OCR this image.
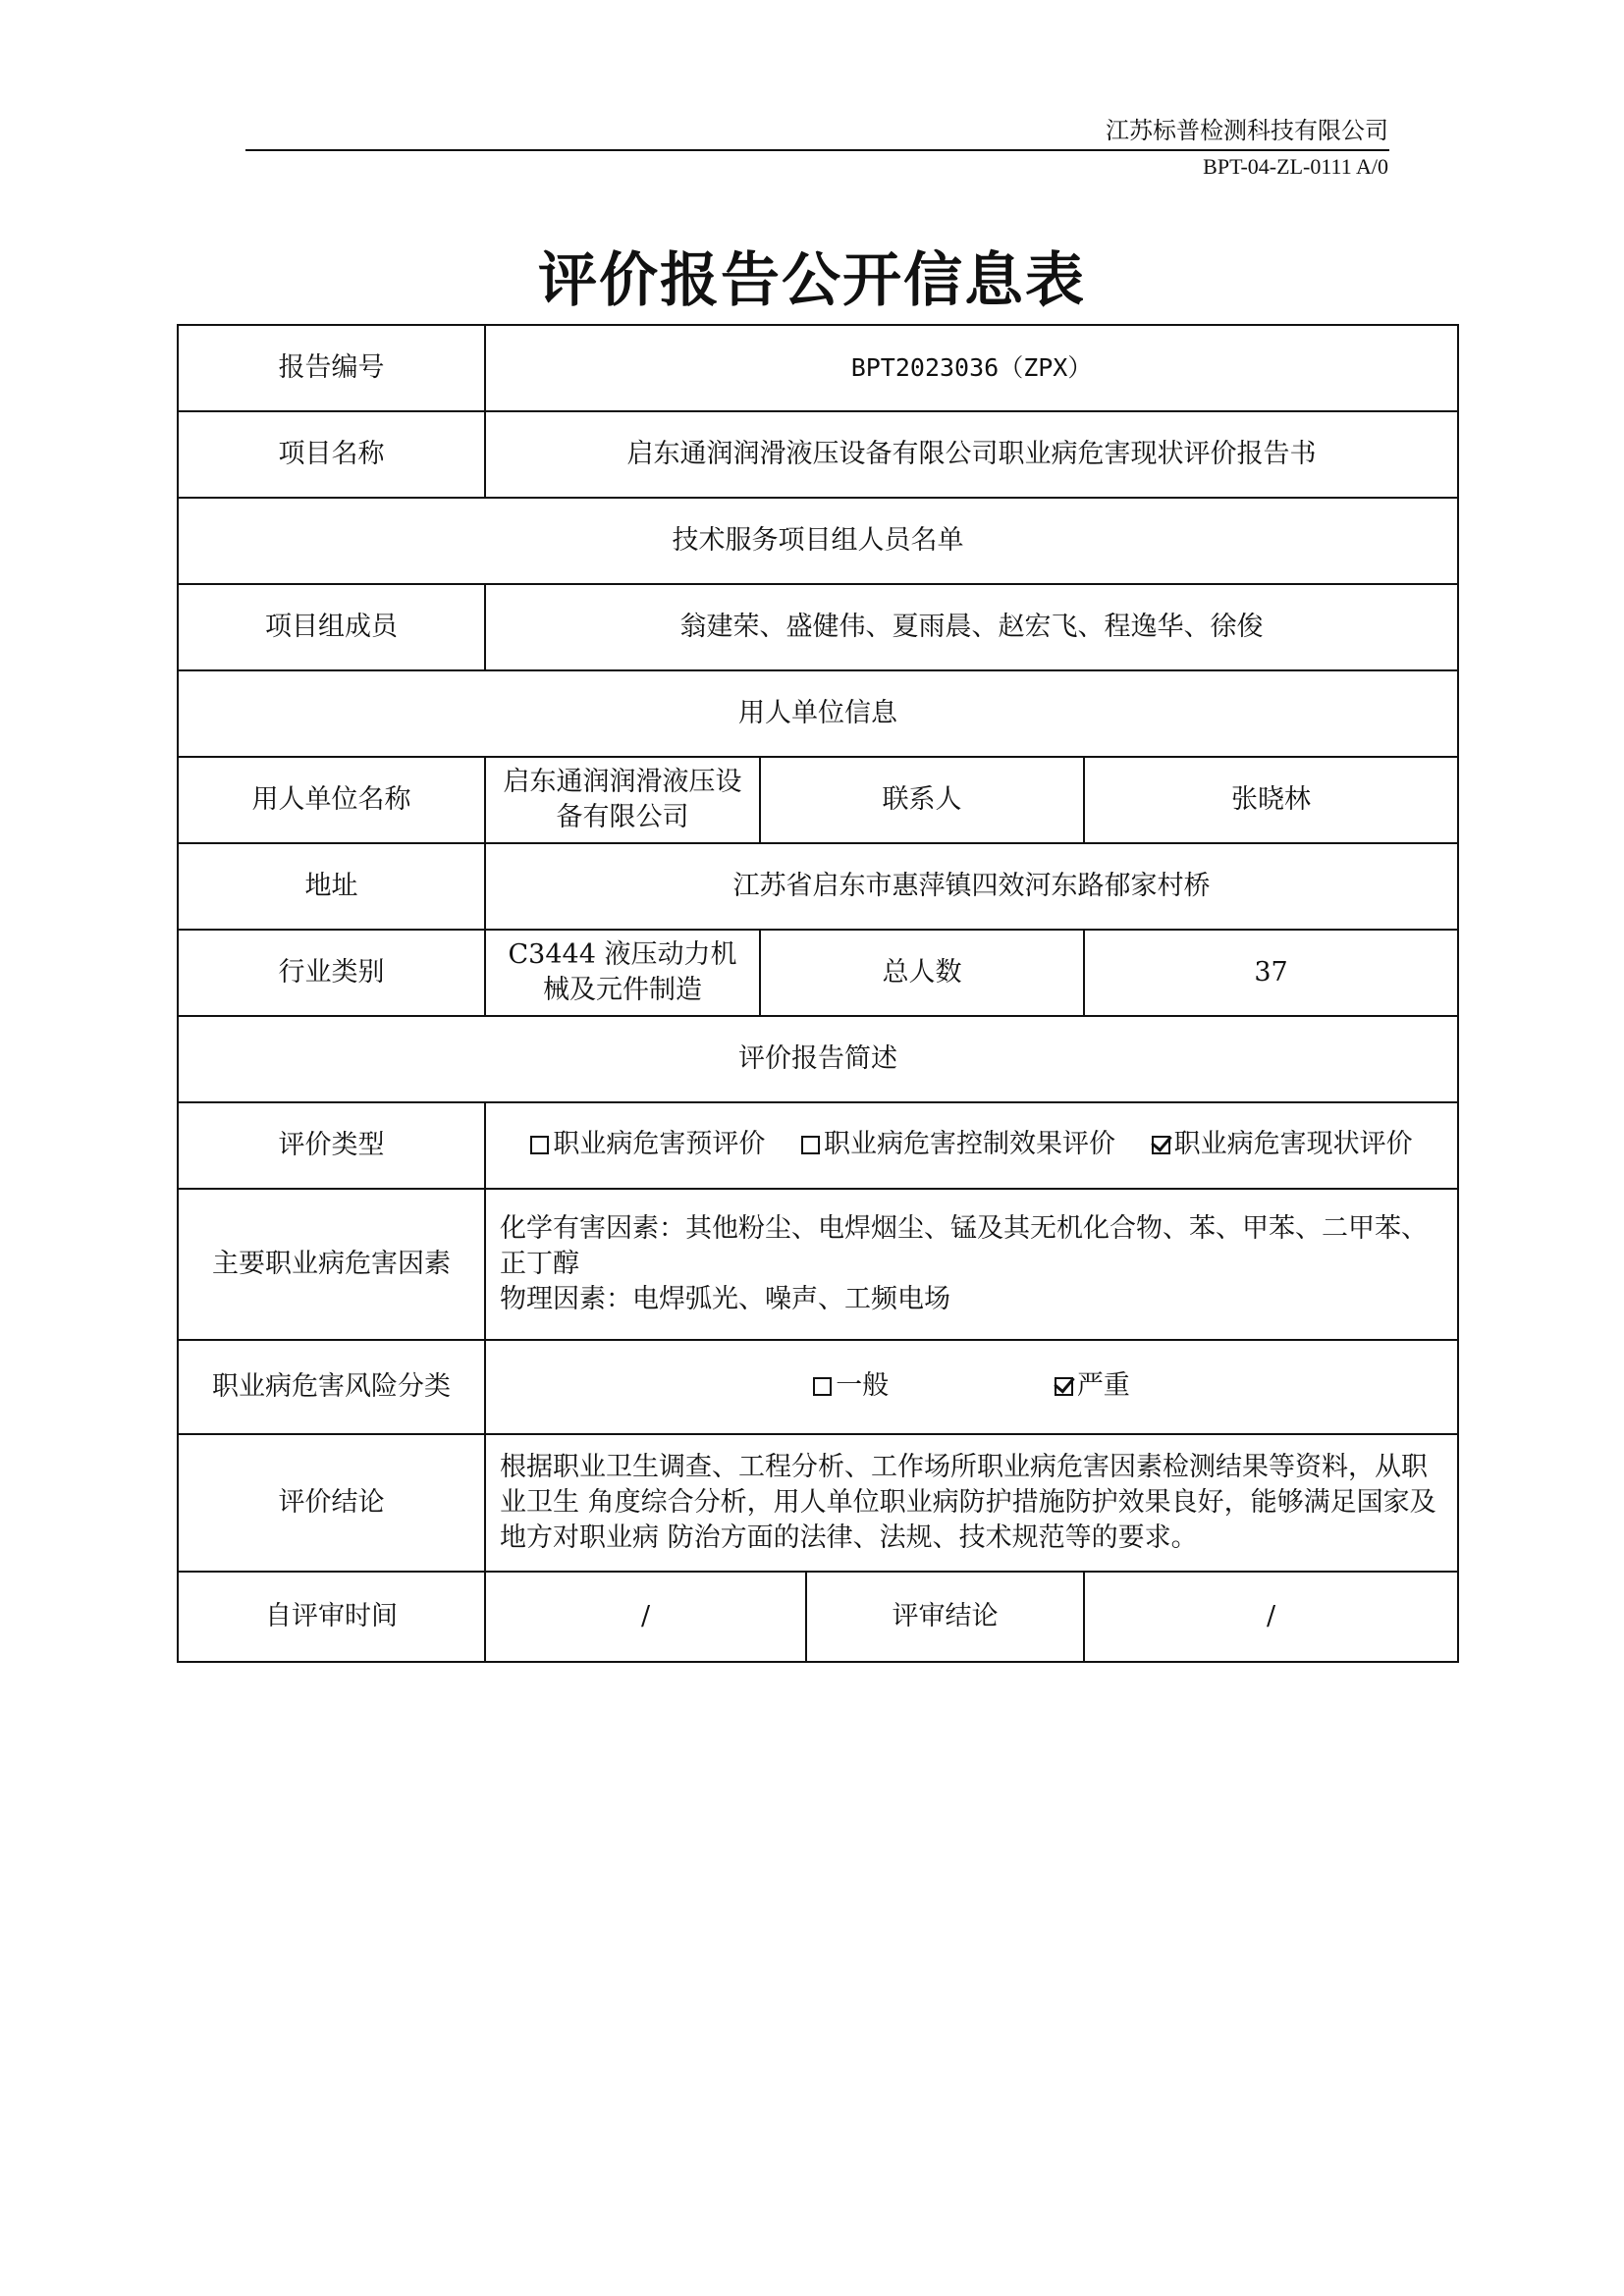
江苏标普检测科技有限公司
BPT-04-ZL-0111 A/0
评价报告公开信息表
报告编号	BPT2023036（ZPX）			
项目名称	启东通润润滑液压设备有限公司职业病危害现状评价报告书			
技术服务项目组人员名单				
项目组成员	翁建荣、盛健伟、夏雨晨、赵宏飞、程逸华、徐俊			
用人单位信息				
用人单位名称	启东通润润滑液压设备有限公司	联系人		张晓林
地址	江苏省启东市惠萍镇四效河东路郁家村桥			
行业类别	C3444 液压动力机械及元件制造	总人数		37
评价报告简述				
评价类型	职业病危害预评价
职业病危害控制效果评价
职业病危害现状评价			

主要职业病危害因素	化学有害因素：其他粉尘、电焊烟尘、锰及其无机化合物、苯、甲苯、二甲苯、正丁醇
物理因素：电焊弧光、噪声、工频电场			

职业病危害风险分类	一般
严重			

评价结论	根据职业卫生调查、工程分析、工作场所职业病危害因素检测结果等资料，从职业卫生 角度综合分析，用人单位职业病防护措施防护效果良好，能够满足国家及地方对职业病 防治方面的法律、法规、技术规范等的要求。			
自评审时间	/		评审结论	/
